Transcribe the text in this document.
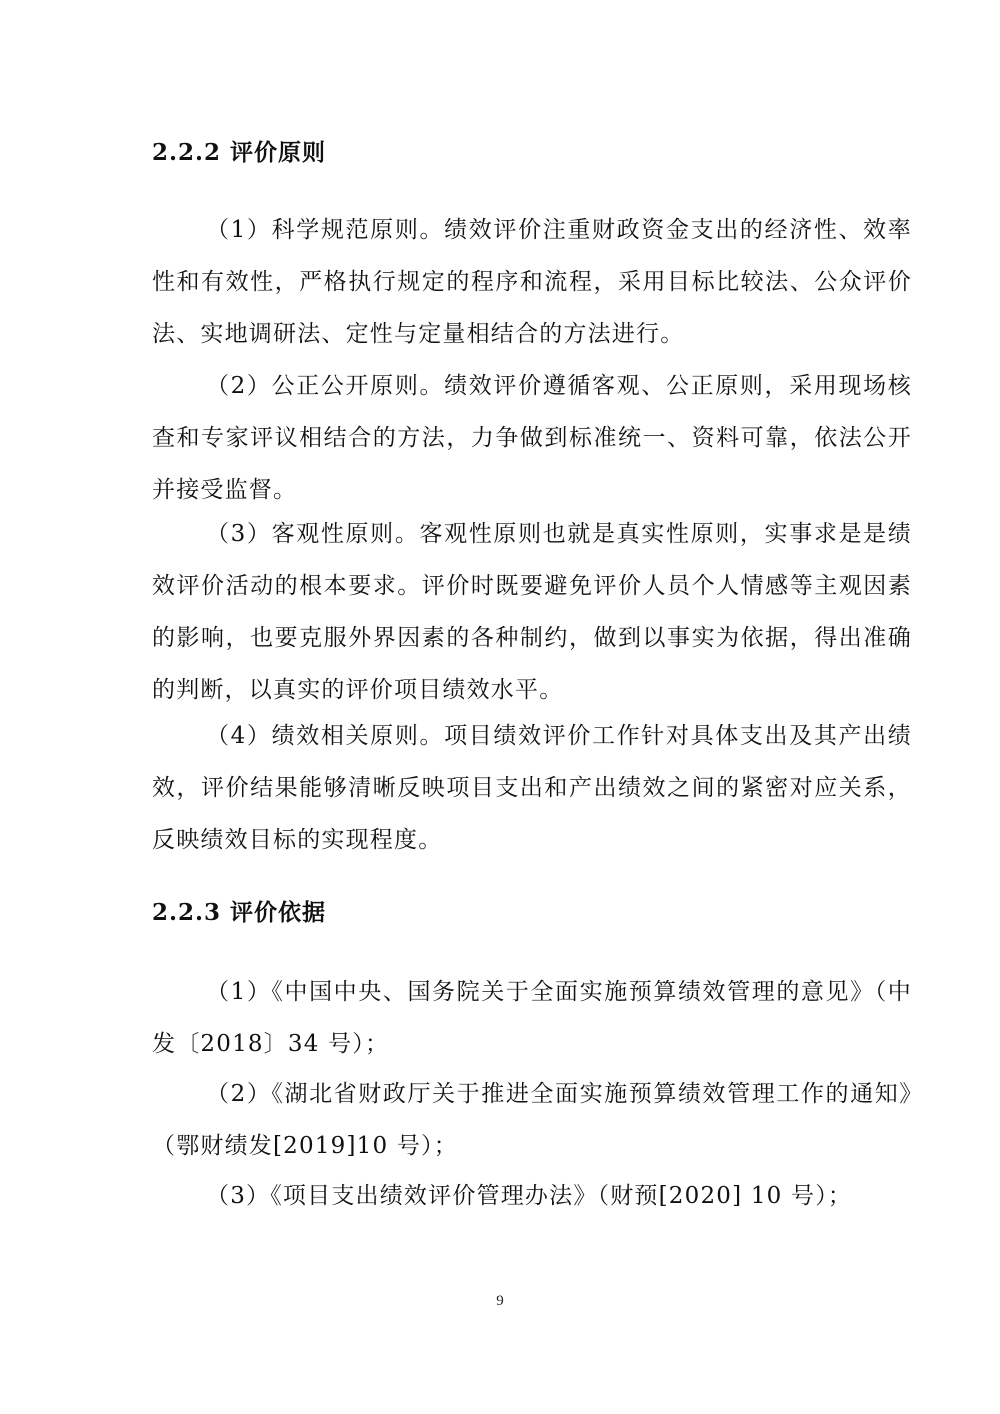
2.2.2 评价原则

（1）科学规范原则。绩效评价注重财政资金支出的经济性、效率性和有效性，严格执行规定的程序和流程，采用目标比较法、公众评价法、实地调研法、定性与定量相结合的方法进行。

（2）公正公开原则。绩效评价遵循客观、公正原则，采用现场核查和专家评议相结合的方法，力争做到标准统一、资料可靠，依法公开并接受监督。

（3）客观性原则。客观性原则也就是真实性原则，实事求是是绩效评价活动的根本要求。评价时既要避免评价人员个人情感等主观因素的影响，也要克服外界因素的各种制约，做到以事实为依据，得出准确的判断，以真实的评价项目绩效水平。

（4）绩效相关原则。项目绩效评价工作针对具体支出及其产出绩效，评价结果能够清晰反映项目支出和产出绩效之间的紧密对应关系，反映绩效目标的实现程度。

2.2.3 评价依据

（1）《中国中央、国务院关于全面实施预算绩效管理的意见》（中发〔2018〕34 号）；

（2）《湖北省财政厅关于推进全面实施预算绩效管理工作的通知》（鄂财绩发[2019]10 号）；

（3）《项目支出绩效评价管理办法》（财预[2020] 10 号）；

9
